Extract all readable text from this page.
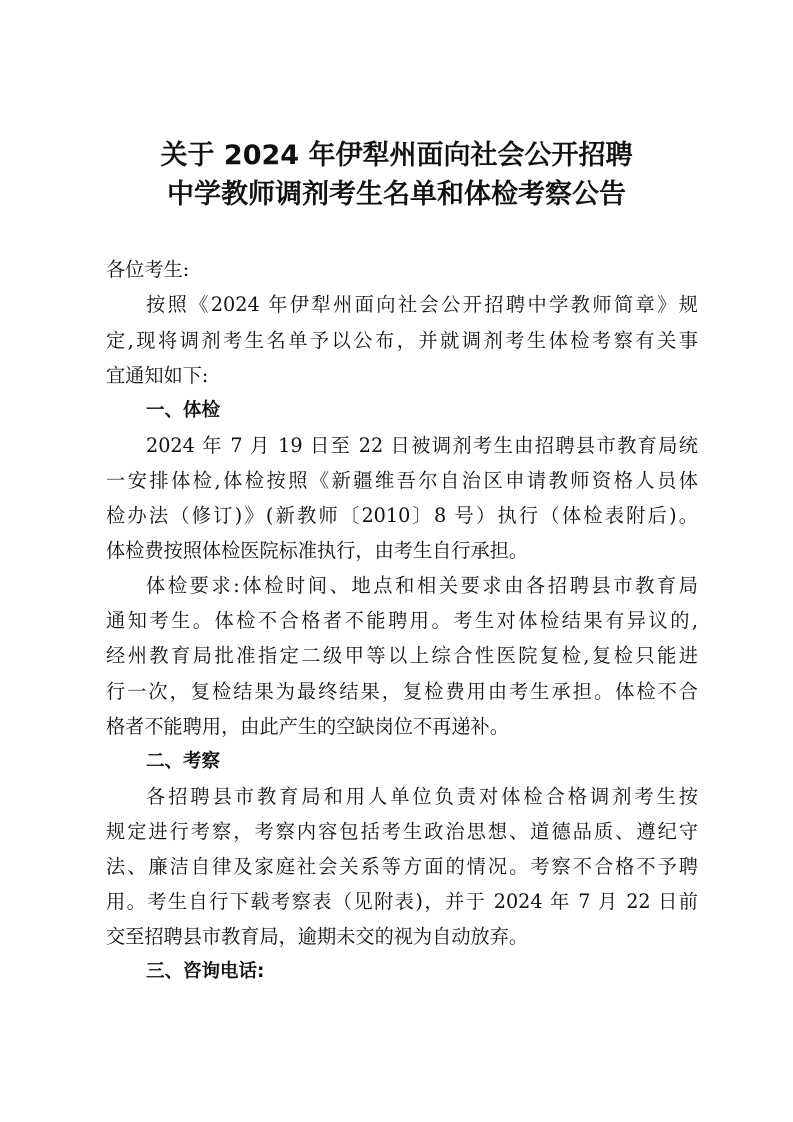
关于 2024 年伊犁州面向社会公开招聘
中学教师调剂考生名单和体检考察公告
各位考生:
按照《2024 年伊犁州面向社会公开招聘中学教师简章》规
定,现将调剂考生名单予以公布，并就调剂考生体检考察有关事
宜通知如下:
一、体检
2024 年 7 月 19 日至 22 日被调剂考生由招聘县市教育局统
一安排体检,体检按照《新疆维吾尔自治区申请教师资格人员体
检办法（修订)》(新教师〔2010〕8 号）执行（体检表附后)。
体检费按照体检医院标准执行，由考生自行承担。
体检要求:体检时间、地点和相关要求由各招聘县市教育局
通知考生。体检不合格者不能聘用。考生对体检结果有异议的,
经州教育局批准指定二级甲等以上综合性医院复检,复检只能进
行一次，复检结果为最终结果，复检费用由考生承担。体检不合
格者不能聘用，由此产生的空缺岗位不再递补。
二、考察
各招聘县市教育局和用人单位负责对体检合格调剂考生按
规定进行考察，考察内容包括考生政治思想、道德品质、遵纪守
法、廉洁自律及家庭社会关系等方面的情况。考察不合格不予聘
用。考生自行下载考察表（见附表)，并于 2024 年 7 月 22 日前
交至招聘县市教育局，逾期未交的视为自动放弃。
三、咨询电话:
